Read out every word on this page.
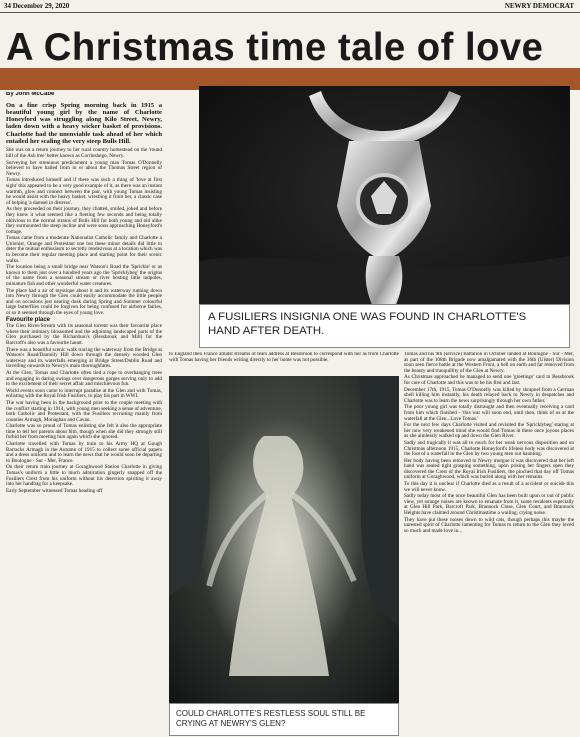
34 December 29, 2020	NEWRY DEMOCRAT
A Christmas time tale of love

By John McCabe

On a fine crisp Spring morning back in 1915 a beautiful young girl by the name of Charlotte Honeyford was struggling along Kilo Street, Newry, laden down with a heavy wicker basket of provisions. Charlotte had the unenviable task ahead of her which entailed her scaling the very steep Bulls Hill.

She was on a return journey to her rural country homestead on the 'round hill of the Ash tree' better known as Corrinshego, Newry.

Surveying her strenuous predicament a young man Tomas O'Donnelly believed to have hailed from in or about the Thomas Street region of Newry.

Tomas introduced himself and if there was such a thing of 'love at first sight' this appeared to be a very good example of it, as there was an instant warmth, glow and connect between the pair, with young Tomas insisting he would assist with the heavy basket, wrestling it from her, a classic case of helping 'a damsel in distress'.

As they proceeded on their journey, they chatted, smiled, joked and before they knew it what seemed like a fleeting few seconds and being totally oblivious to the normal strains of Bulls Hill for both young and old alike they surmounted the steep incline and were soon approaching Honeyford's cottage.

Tomas came from a moderate Nationalist Catholic family and Charlotte a Unionist, Orange and Protestant one but these minor details did little to deter the mutual enthusiasm to secretly rendezvous at a location which was to become their regular meeting place and starting point for their scenic walks.

The location being a small bridge near Watson's Road the 'Sprickle' or as known to them just over a hundred years ago the 'Spricklybeg' the origins of the name from a seasonal stream or river hosting little tadpoles, miniature fish and other wonderful water creatures.

The place had a air of mystique about it and its waterway running down into Newry through the Glen could easily accommodate the little people and on occasions just nearing dusk during Spring and Summer colourful large butterflies could be forgiven for being confused for airborne fairies, or so it seemed through the eyes of young love.

Favourite place

The Glen River/Stream with its seasonal torrent was their favourite place where their intimacy blossomed and the adjoining landscaped parts of the Glen purchased by the Richardson's (Bessbrook and Mill) for the Barcroft's also was a favourite haunt.

There was a beautiful scenic walk tracing the waterway from the Bridge at Watson's Road/Damolly Hill down through the densely wooded Glen waterway and its waterfalls emerging at Bridge Street/Dublin Road and travelling onwards to Newry's main thoroughfares.

At the Glen, Tomas and Charlotte often tied a rope to overhanging trees and engaging in daring swings over dangerous gorges serving only to add to the excitement of their secret affair and mischievous fun.

World events soon came to interrupt paradise at the Glen and with Tomas, enlisting with the Royal Irish Fusiliers, to play his part in WWI.

The war having been in the background prior to the couple meeting with the conflict starting in 1914, with young men seeking a sense of adventure, both Catholic and Protestant, with the Fusiliers recruiting mainly from counties Armagh, Monaghan and Cavan.

Charlotte was so proud of Tomas enlisting she felt it also the appropriate time to tell her parents about him, though when she did they strongly still forbid her from meeting him again which she ignored.

Charlotte travelled with Tomas by train to his Army HQ at Gough Barracks Armagh in the Autumn of 1915 to collect some official papers and a dress uniform and to learn the news that he would soon be departing to Boulogne - Sur - Mer, France.

On their return train journey at Goraghwood Station Charlotte in giving Tomas's uniform a little to much admiration gingerly snapped off the Fusiliers Crest from his uniform without his detection spiriting it away into her handbag for a keepsake.

Early September witnessed Tomas heading off

A FUSILIERS INSIGNIA ONE WAS FOUND IN CHARLOTTE'S HAND AFTER DEATH.

to England then France amidst streams of tears address at Bessbrook to correspond with her as from Charlotte with Tomas having her friends writing directly to her home was not possible.

COULD CHARLOTTE'S RESTLESS SOUL STILL BE CRYING AT NEWRY'S GLEN?

Tomas and his 9th (service) Battalion in October landed at Boulogne - Sur - Mer, as part of the 108th Brigade now amalgamated with the 36th (Ulster) Division soon seen fierce battle at the Western Front, a hell on earth and far removed from the beauty and tranquillity of the Glen at Newry.

As Christmas approached he managed to send one 'greetings' card to Bessbrook for care of Charlotte and this was to be his first and last.

December 17th, 1915, Tomas O'Donnelly was killed by shrapnel from a German shell killing him instantly, his death relayed back to Newry in despatches and Charlotte was to learn the news surprisingly through her own father.

The poor young girl was totally distraught and then eventually receiving a card from him which finished - 'this war will soon end, until then, think of us at the waterfall at the Glen...Love Tomas.'

For the next few days Charlotte visited and revisited the 'Spricklybeg' staring at her now very weakened mind she would find Tomas in these once joyous places as she aimlessly walked up and down the Glen River.

Sadly and tragically it was all to much for her weak nervous disposition and on Christmas afternoon 1915, Charlotte Honeyford's lifeless body was discovered at the foot of a waterfall in the Glen by two young men out haunting.

Her body having been removed to Newry morgue it was discovered that her left hand was sealed tight grasping something, upon prising her fingers open they discovered the Crest of the Royal Irish Fusiliers, the pinched that day off Tomas uniform at Goraghwood, which was buried along with her remains.

To this day it is unclear if Charlotte died as a result of a accident or suicide this we will never know.

Sadly today most of the once beautiful Glen has been built upon or out of public view, yet strange noises are known to emanate from it, some residents especially at Glen Hill Park, Barcroft Park, Brannock Close, Glen Court, and Brannock Heights have claimed around Christmastime a wailing, crying noise.

They have put these noises down to wild cats, though perhaps this maybe the unrested spirit of Charlotte lamenting for Tomas to return to the Glen they loved so much and made love in...
